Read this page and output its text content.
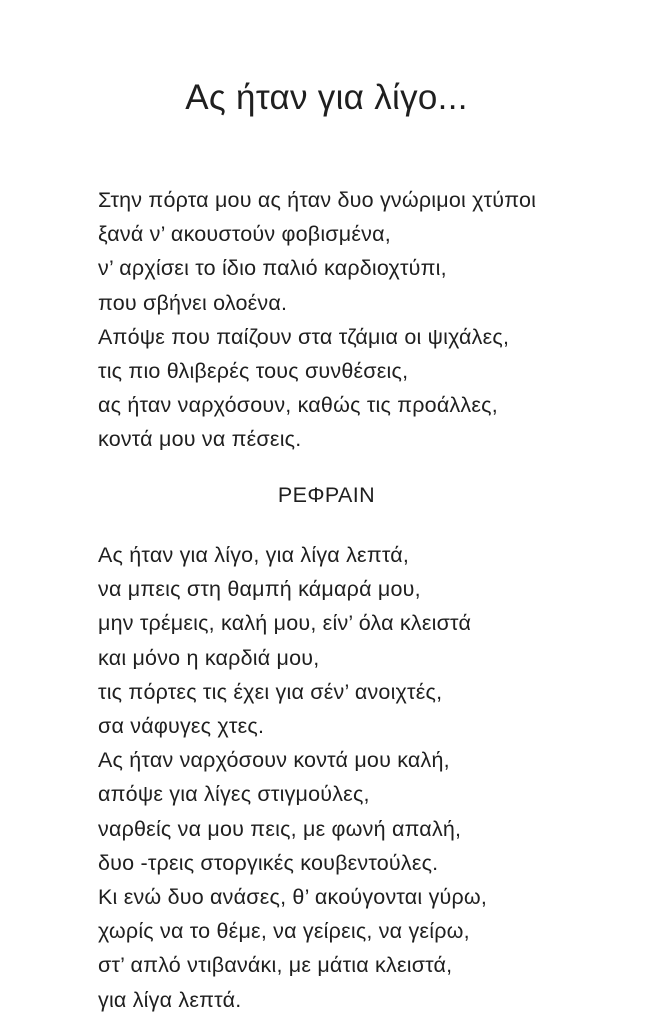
Ας ήταν για λίγο...
Στην πόρτα μου ας ήταν δυο γνώριμοι χτύποι
ξανά ν’ ακουστούν φοβισμένα,
ν’ αρχίσει το ίδιο παλιό καρδιοχτύπι,
που σβήνει ολοένα.
Απόψε που παίζουν στα τζάμια οι ψιχάλες,
τις πιο θλιβερές τους συνθέσεις,
ας ήταν ναρχόσουν, καθώς τις προάλλες,
κοντά μου να πέσεις.
ΡΕΦΡΑΙΝ
Ας ήταν για λίγο, για λίγα λεπτά,
να μπεις στη θαμπή κάμαρά μου,
μην τρέμεις, καλή μου, είν’ όλα κλειστά
και μόνο η καρδιά μου,
τις πόρτες τις έχει για σέν’ ανοιχτές,
σα νάφυγες χτες.
Ας ήταν ναρχόσουν κοντά μου καλή,
απόψε για λίγες στιγμούλες,
ναρθείς να μου πεις, με φωνή απαλή,
δυο -τρεις στοργικές κουβεντούλες.
Κι ενώ δυο ανάσες, θ’ ακούγονται γύρω,
χωρίς να το θέμε, να γείρεις, να γείρω,
στ’ απλό ντιβανάκι, με μάτια κλειστά,
για λίγα λεπτά.
